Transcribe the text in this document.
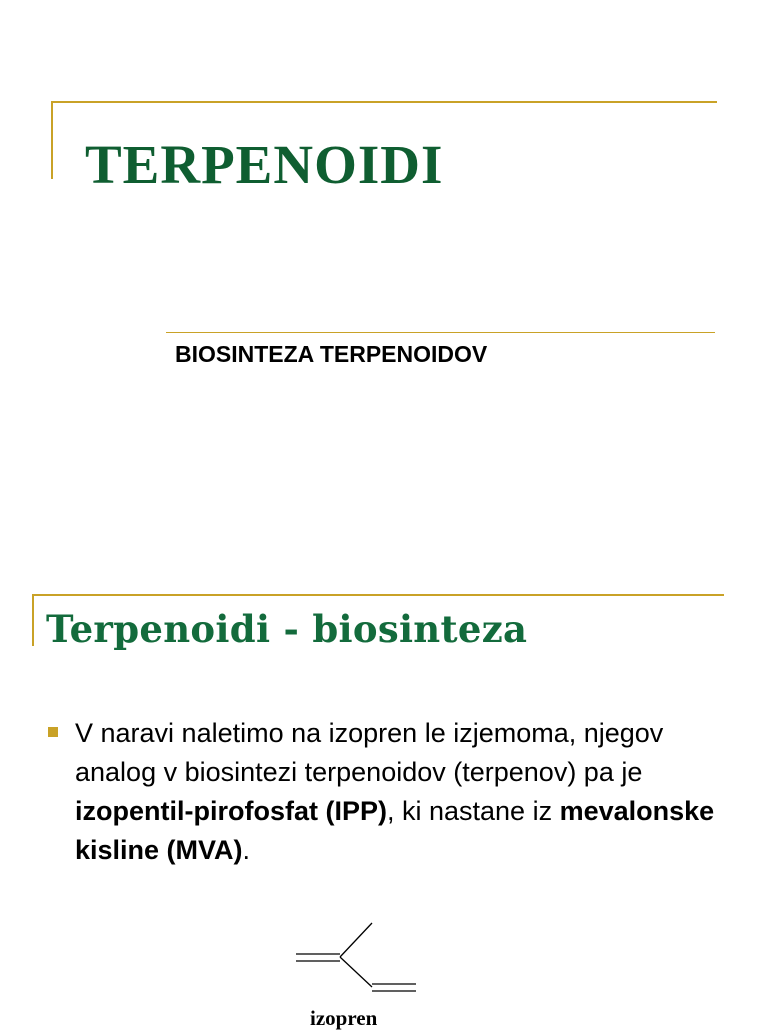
TERPENOIDI
BIOSINTEZA TERPENOIDOV
Terpenoidi - biosinteza

V naravi naletimo na izopren le izjemoma, njegov analog v biosintezi terpenoidov (terpenov) pa je izopentil-pirofosfat (IPP), ki nastane iz mevalonske kisline (MVA).

izopren
